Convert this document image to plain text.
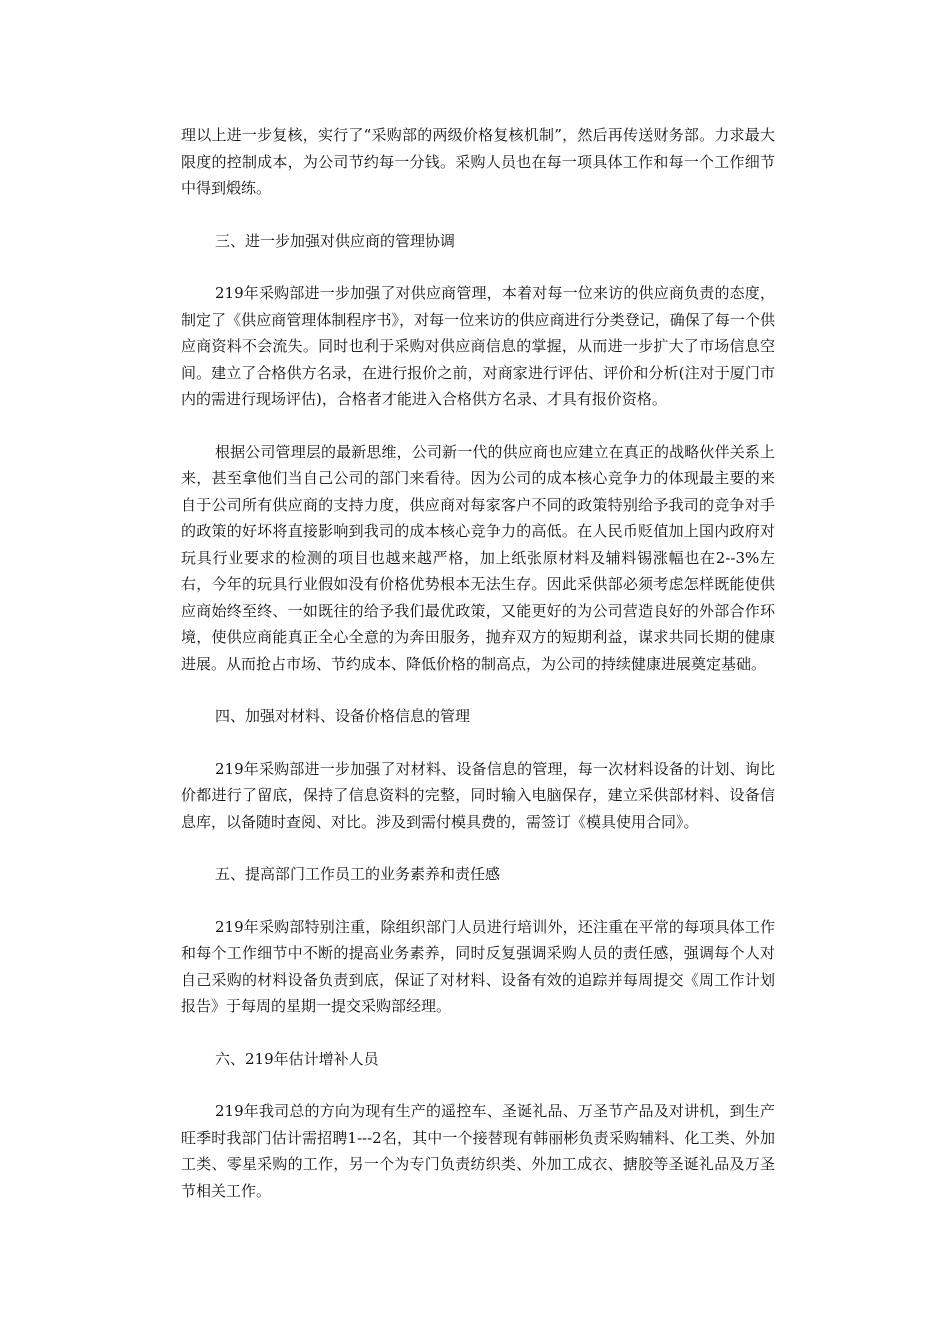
理以上进一步复核，实行了“采购部的两级价格复核机制”，然后再传送财务部。力求最大限度的控制成本，为公司节约每一分钱。采购人员也在每一项具体工作和每一个工作细节中得到煅练。

三、进一步加强对供应商的管理协调

219年采购部进一步加强了对供应商管理，本着对每一位来访的供应商负责的态度，制定了《供应商管理体制程序书》，对每一位来访的供应商进行分类登记，确保了每一个供应商资料不会流失。同时也利于采购对供应商信息的掌握，从而进一步扩大了市场信息空间。建立了合格供方名录，在进行报价之前，对商家进行评估、评价和分析(注对于厦门市内的需进行现场评估)，合格者才能进入合格供方名录、才具有报价资格。

根据公司管理层的最新思维，公司新一代的供应商也应建立在真正的战略伙伴关系上来，甚至拿他们当自己公司的部门来看待。因为公司的成本核心竞争力的体现最主要的来自于公司所有供应商的支持力度，供应商对每家客户不同的政策特别给予我司的竞争对手的政策的好坏将直接影响到我司的成本核心竞争力的高低。在人民币贬值加上国内政府对玩具行业要求的检测的项目也越来越严格，加上纸张原材料及辅料锡涨幅也在2--3%左右，今年的玩具行业假如没有价格优势根本无法生存。因此采供部必须考虑怎样既能使供应商始终至终、一如既往的给予我们最优政策，又能更好的为公司营造良好的外部合作环境，使供应商能真正全心全意的为奔田服务，抛弃双方的短期利益，谋求共同长期的健康进展。从而抢占市场、节约成本、降低价格的制高点，为公司的持续健康进展奠定基础。

四、加强对材料、设备价格信息的管理

219年采购部进一步加强了对材料、设备信息的管理，每一次材料设备的计划、询比价都进行了留底，保持了信息资料的完整，同时输入电脑保存，建立采供部材料、设备信息库，以备随时查阅、对比。涉及到需付模具费的，需签订《模具使用合同》。

五、提高部门工作员工的业务素养和责任感

219年采购部特别注重，除组织部门人员进行培训外，还注重在平常的每项具体工作和每个工作细节中不断的提高业务素养，同时反复强调采购人员的责任感，强调每个人对自己采购的材料设备负责到底，保证了对材料、设备有效的追踪并每周提交《周工作计划报告》于每周的星期一提交采购部经理。

六、219年估计增补人员

219年我司总的方向为现有生产的遥控车、圣诞礼品、万圣节产品及对讲机，到生产旺季时我部门估计需招聘1---2名，其中一个接替现有韩丽彬负责采购辅料、化工类、外加工类、零星采购的工作，另一个为专门负责纺织类、外加工成衣、搪胶等圣诞礼品及万圣节相关工作。
